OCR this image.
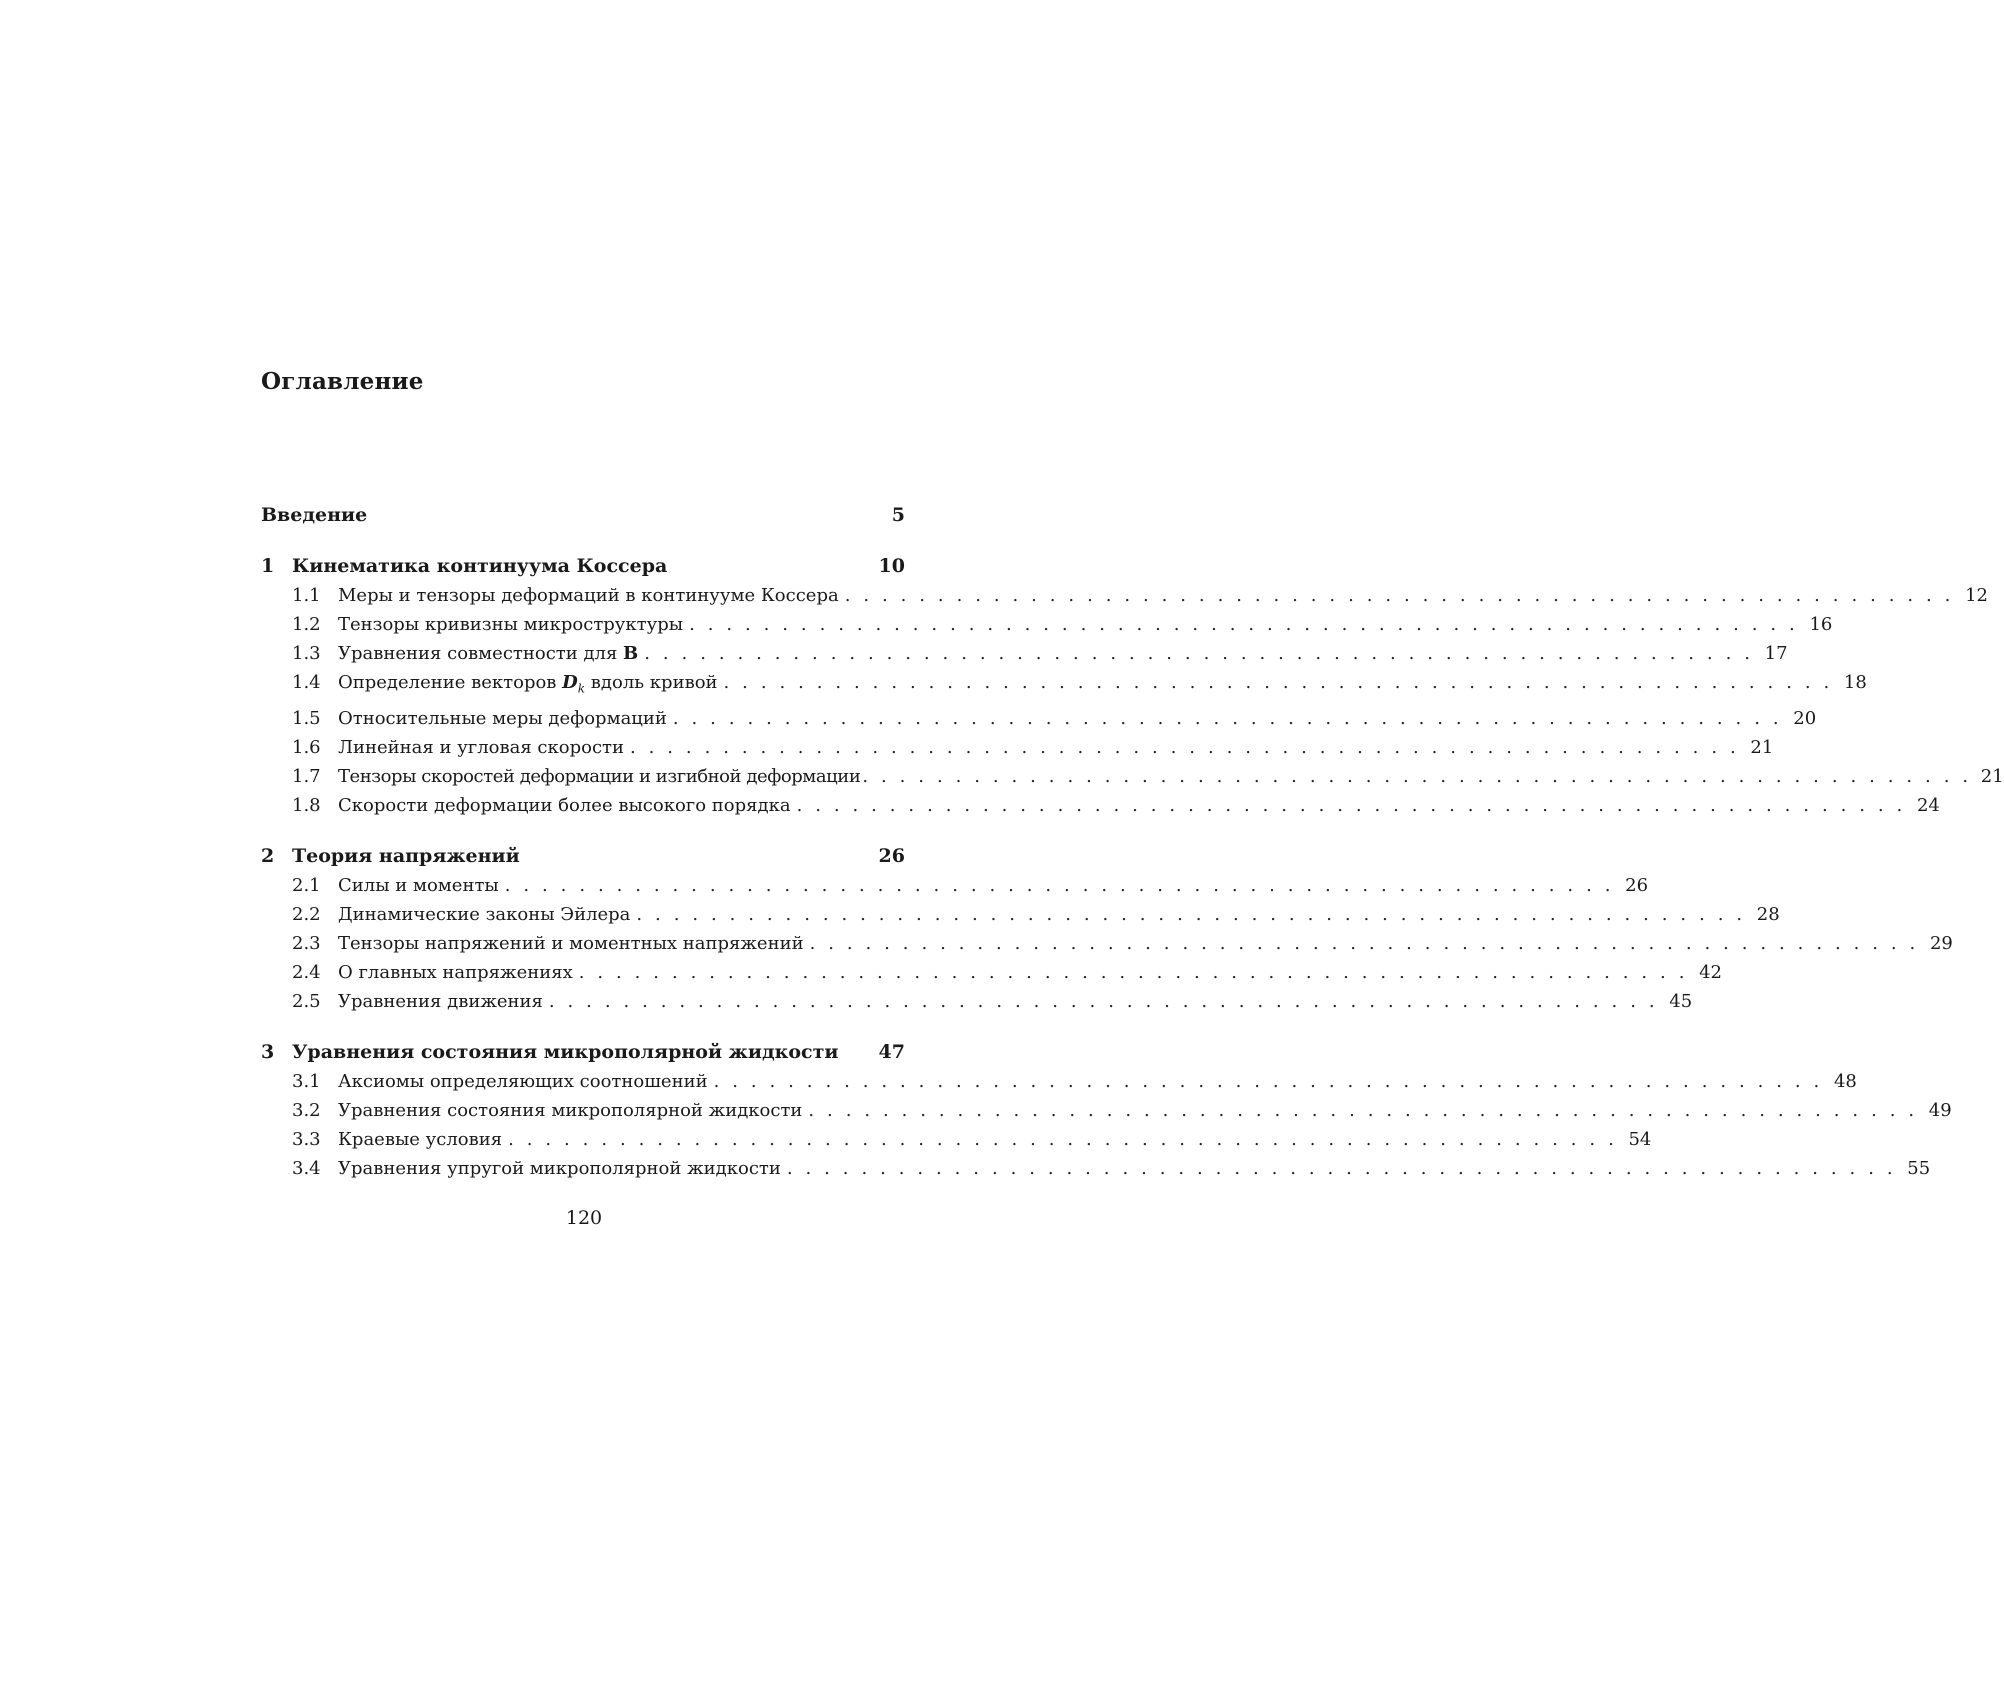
Оглавление
Введение	5
1 Кинематика континуума Коссера	10
1.1 Меры и тензоры деформаций в континууме Коссера . . .	12
1.2 Тензоры кривизны микроструктуры . . .	16
1.3 Уравнения совместности для B . . .	17
1.4 Определение векторов $D_k$ вдоль кривой . . .	18
1.5 Относительные меры деформаций . . .	20
1.6 Линейная и угловая скорости . . .	21
1.7 Тензоры скоростей деформации и изгибной деформации . . .	21
1.8 Скорости деформации более высокого порядка . . .	24
2 Теория напряжений	26
2.1 Силы и моменты . . .	26
2.2 Динамические законы Эйлера . . .	28
2.3 Тензоры напряжений и моментных напряжений . . .	29
2.4 О главных напряжениях . . .	42
2.5 Уравнения движения . . .	45
3 Уравнения состояния микрополярной жидкости 47
3.1 Аксиомы определяющих соотношений . . .	48
3.2 Уравнения состояния микрополярной жидкости . . .	49
3.3 Краевые условия . . .	54
3.4 Уравнения упругой микрополярной жидкости . . .	55
120
